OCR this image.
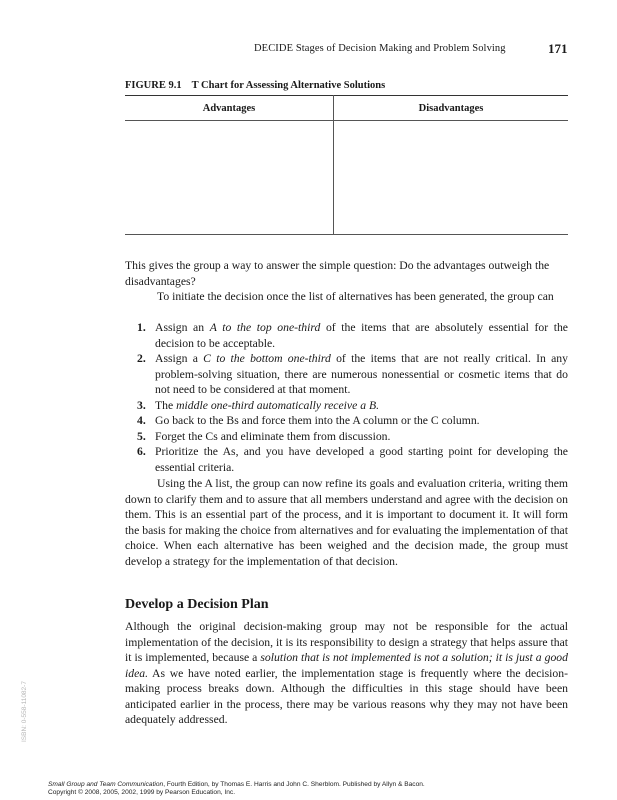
DECIDE Stages of Decision Making and Problem Solving	171
FIGURE 9.1 T Chart for Assessing Alternative Solutions
Advantages	Disadvantages

This gives the group a way to answer the simple question: Do the advantages outweigh the disadvantages?

To initiate the decision once the list of alternatives has been generated, the group can

1. Assign an A to the top one-third of the items that are absolutely essential for the decision to be acceptable.
2. Assign a C to the bottom one-third of the items that are not really critical. In any problem-solving situation, there are numerous nonessential or cosmetic items that do not need to be considered at that moment.
3. The middle one-third automatically receive a B.
4. Go back to the Bs and force them into the A column or the C column.
5. Forget the Cs and eliminate them from discussion.
6. Prioritize the As, and you have developed a good starting point for developing the essential criteria.

Using the A list, the group can now refine its goals and evaluation criteria, writing them down to clarify them and to assure that all members understand and agree with the decision on them. This is an essential part of the process, and it is important to document it. It will form the basis for making the choice from alternatives and for evaluating the implementation of that choice. When each alternative has been weighed and the decision made, the group must develop a strategy for the implementation of that decision.

Develop a Decision Plan

Although the original decision-making group may not be responsible for the actual implementation of the decision, it is its responsibility to design a strategy that helps assure that it is implemented, because a solution that is not implemented is not a solution; it is just a good idea. As we have noted earlier, the implementation stage is frequently where the decision-making process breaks down. Although the difficulties in this stage should have been anticipated earlier in the process, there may be various reasons why they may not have been adequately addressed.

ISBN: 0-558-11082-7
Small Group and Team Communication, Fourth Edition, by Thomas E. Harris and John C. Sherblom. Published by Allyn & Bacon.
Copyright © 2008, 2005, 2002, 1999 by Pearson Education, Inc.
